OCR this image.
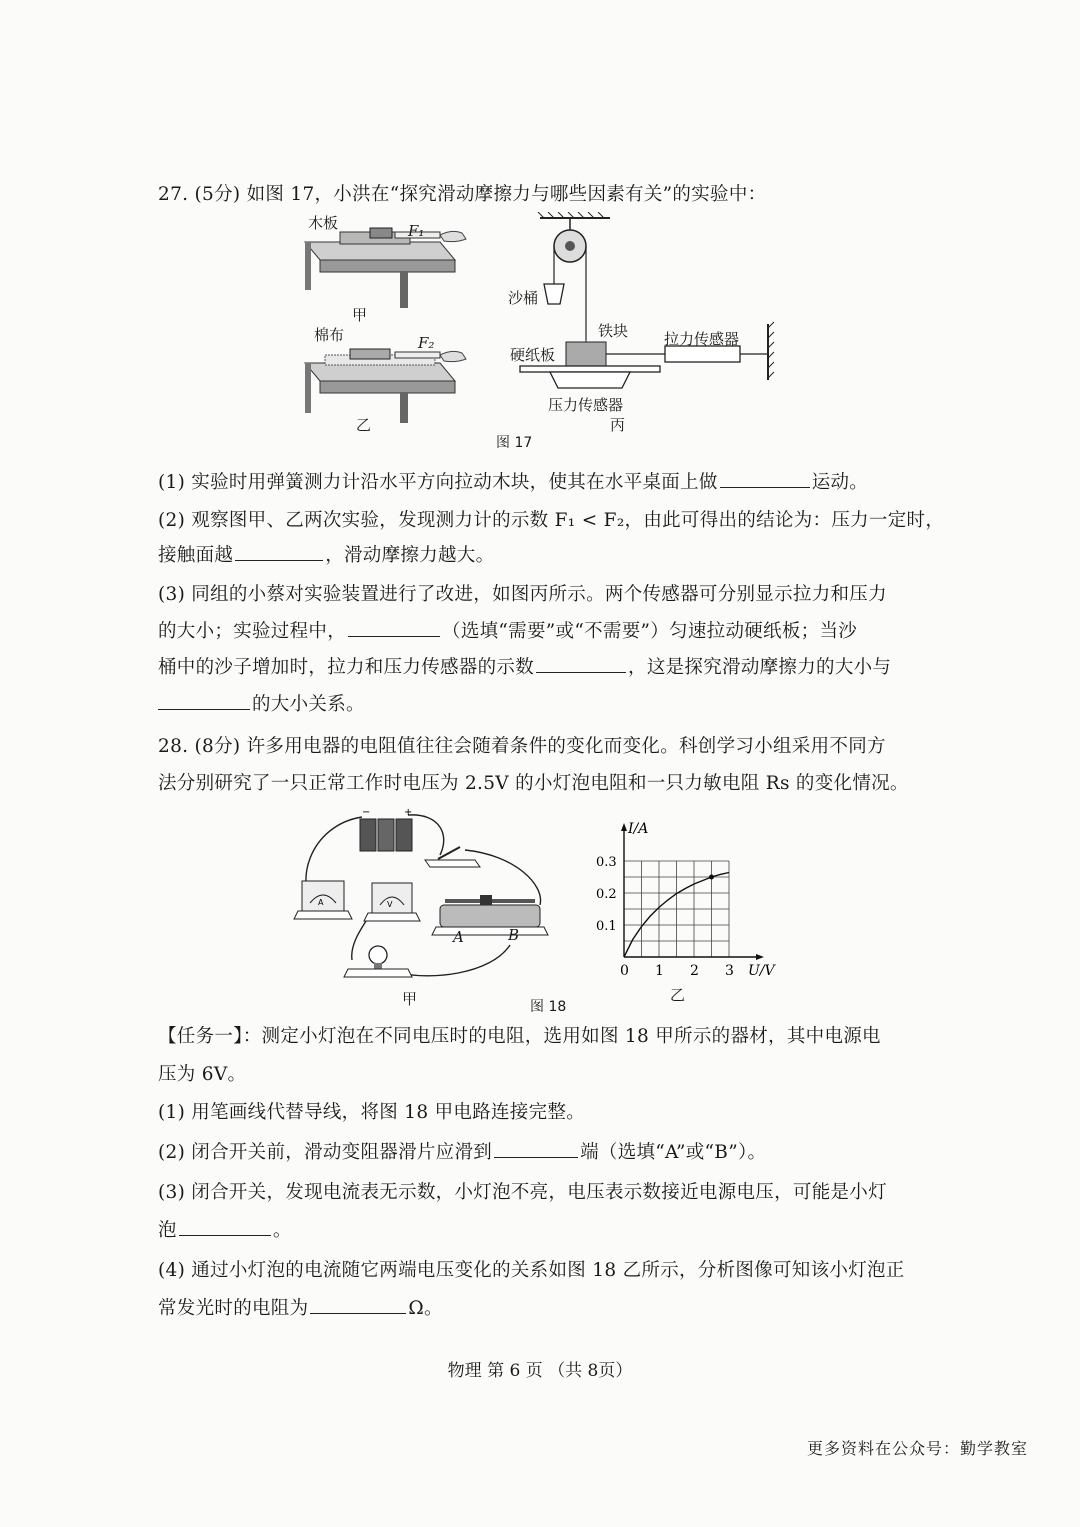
27. (5分) 如图 17，小洪在“探究滑动摩擦力与哪些因素有关”的实验中：
木板	F₁
甲
棉布	F₂
乙
沙桶
铁块 拉力传感器
硬纸板
压力传感器
丙
图 17
(1) 实验时用弹簧测力计沿水平方向拉动木块，使其在水平桌面上做	运动。
(2) 观察图甲、乙两次实验，发现测力计的示数 F₁ < F₂，由此可得出的结论为：压力一定时，
接触面越	，滑动摩擦力越大。
(3) 同组的小蔡对实验装置进行了改进，如图丙所示。两个传感器可分别显示拉力和压力
的大小；实验过程中，	（选填“需要”或“不需要”）匀速拉动硬纸板；当沙
桶中的沙子增加时，拉力和压力传感器的示数	，这是探究滑动摩擦力的大小与
的大小关系。
28. (8分) 许多用电器的电阻值往往会随着条件的变化而变化。科创学习小组采用不同方
法分别研究了一只正常工作时电压为 2.5V 的小灯泡电阻和一只力敏电阻 Rs 的变化情况。
−	+
A	V
A	B
甲	图 18
乙
0 1 2 3
0.1
0.2
0.3
I/A
U/V
【任务一】：测定小灯泡在不同电压时的电阻，选用如图 18 甲所示的器材，其中电源电
压为 6V。
(1) 用笔画线代替导线，将图 18 甲电路连接完整。
(2) 闭合开关前，滑动变阻器滑片应滑到	端（选填“A”或“B”）。
(3) 闭合开关，发现电流表无示数，小灯泡不亮，电压表示数接近电源电压，可能是小灯
泡	。
(4) 通过小灯泡的电流随它两端电压变化的关系如图 18 乙所示，分析图像可知该小灯泡正
常发光时的电阻为	Ω。
物理 第 6 页 （共 8页）
更多资料在公众号：勤学教室
